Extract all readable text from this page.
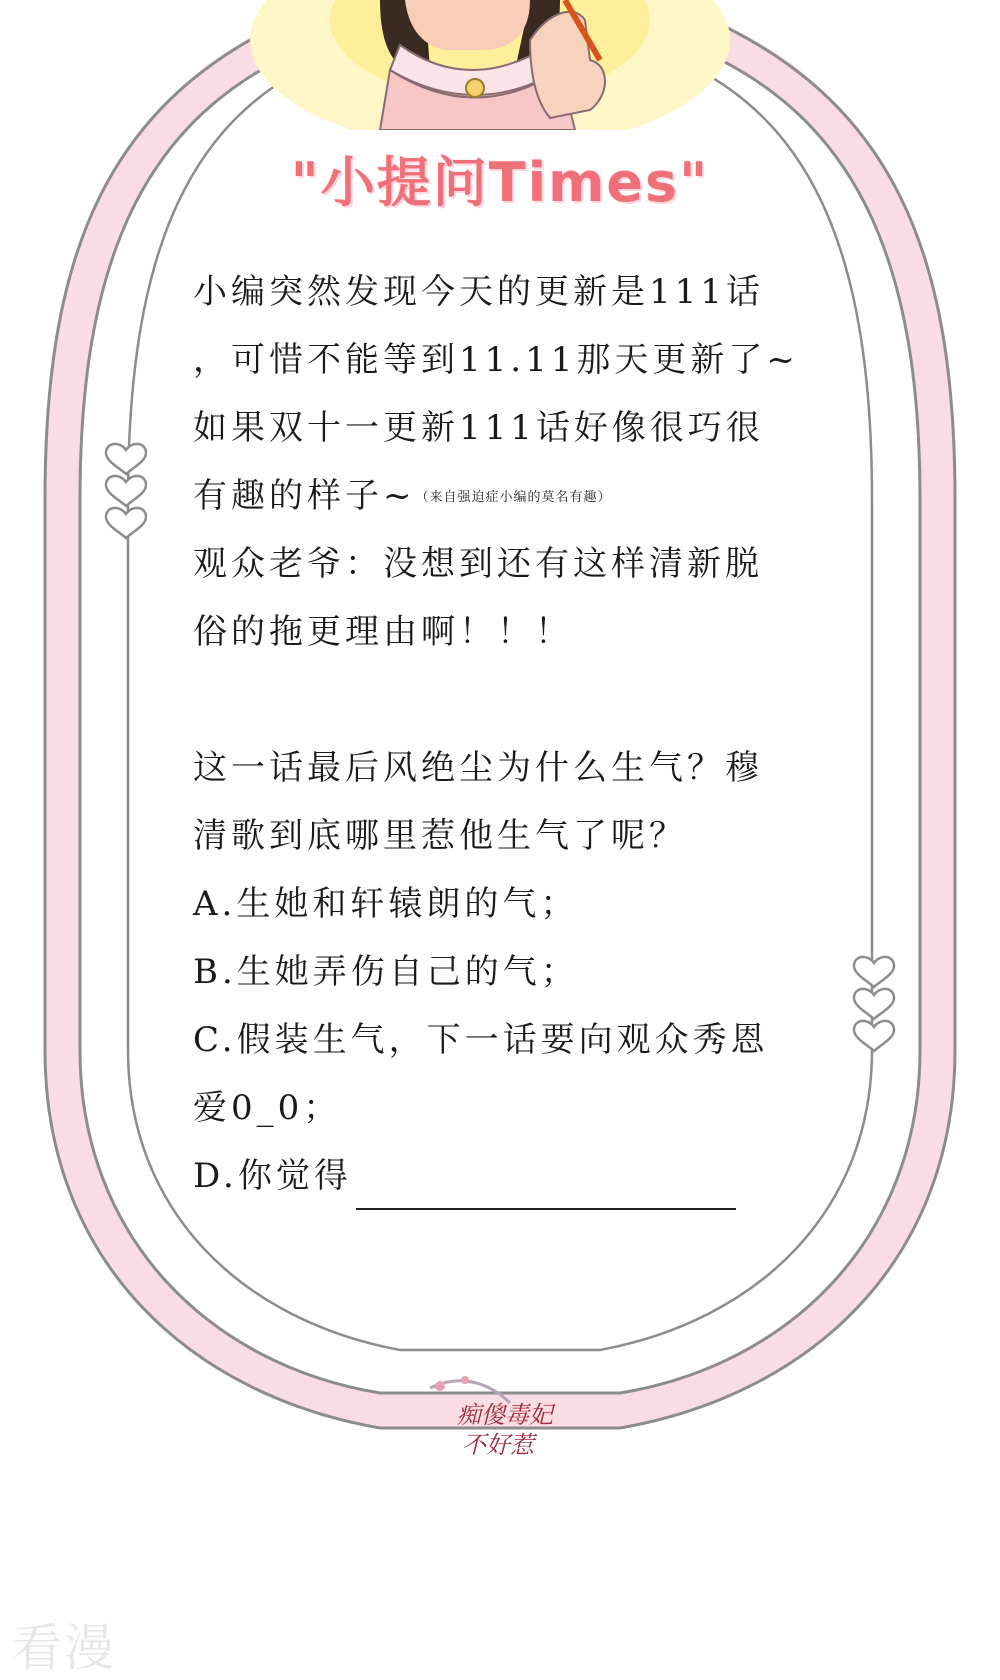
"小提问Times"
小编突然发现今天的更新是111话
，可惜不能等到11.11那天更新了~
如果双十一更新111话好像很巧很
有趣的样子~（来自强迫症小编的莫名有趣）
观众老爷：没想到还有这样清新脱
俗的拖更理由啊！！！
这一话最后风绝尘为什么生气？穆
清歌到底哪里惹他生气了呢？
A.生她和轩辕朗的气；
B.生她弄伤自己的气；
C.假装生气，下一话要向观众秀恩
爱0_0；
D.你觉得
痴傻毒妃
不好惹
看漫
